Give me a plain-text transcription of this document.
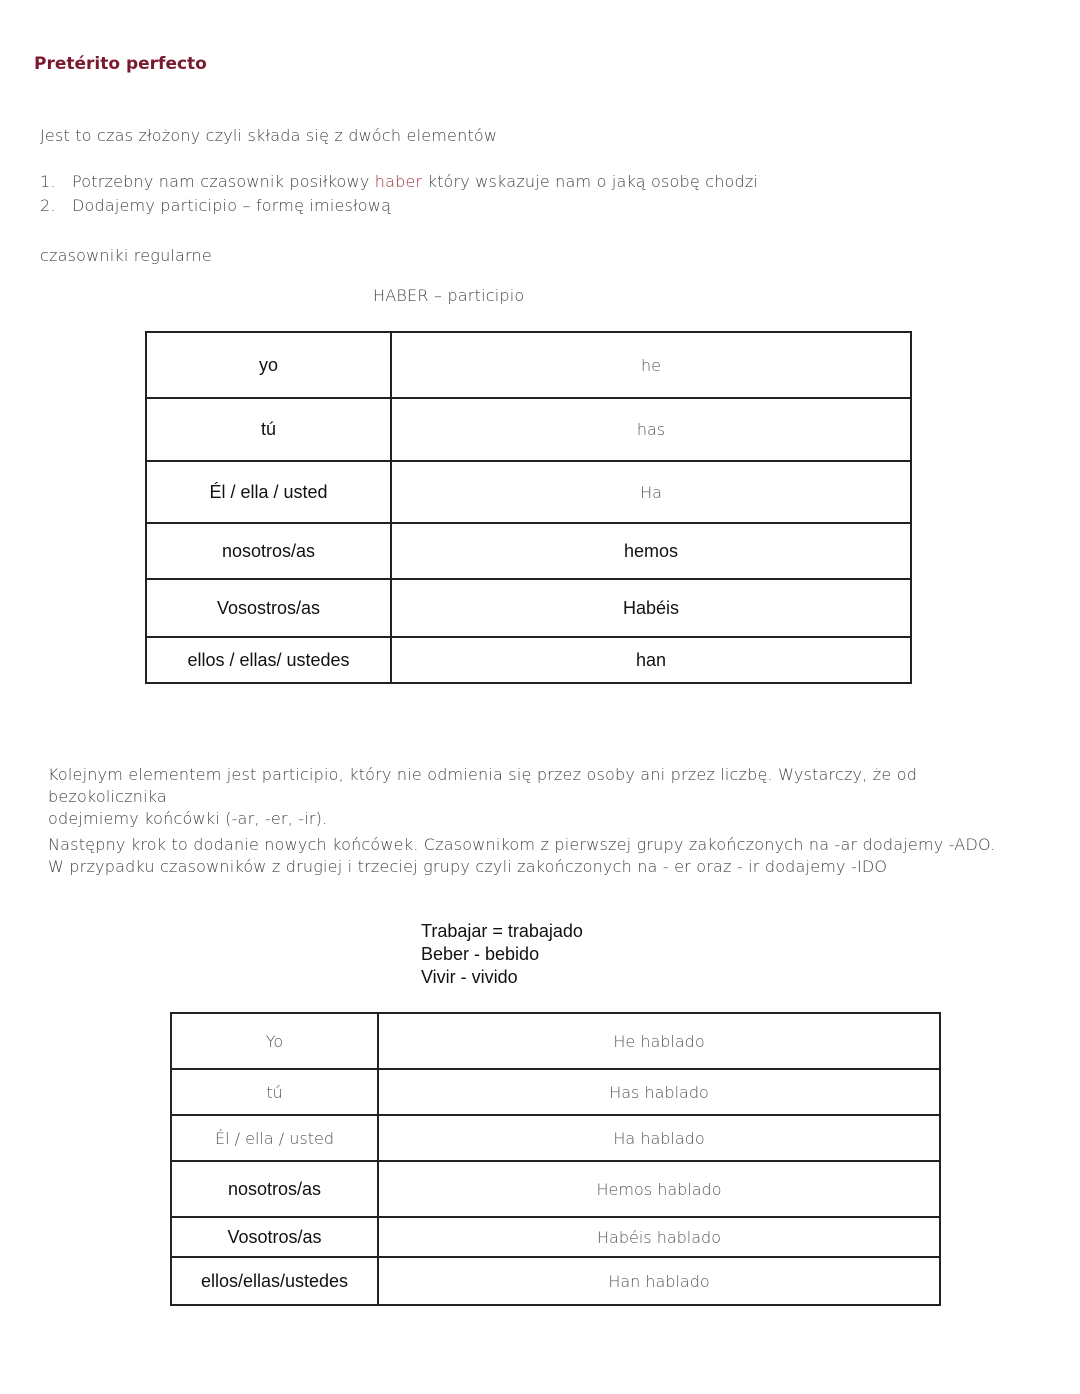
Pretérito perfecto
Jest to czas złożony czyli składa się z dwóch elementów
1. Potrzebny nam czasownik posiłkowy haber który wskazuje nam o jaką osobę chodzi
2. Dodajemy participio – formę imiesłową
czasowniki regularne
HABER – participio
yo	he
tú	has
Él / ella / usted	Ha
nosotros/as	hemos
Vosostros/as	Habéis
ellos / ellas/ ustedes	han
Kolejnym elementem jest participio, który nie odmienia się przez osoby ani przez liczbę. Wystarczy, że od bezokolicznika
odejmiemy końcówki (-ar, -er, -ir).
Następny krok to dodanie nowych końcówek. Czasownikom z pierwszej grupy zakończonych na -ar dodajemy -ADO.
W przypadku czasowników z drugiej i trzeciej grupy czyli zakończonych na - er oraz - ir dodajemy -IDO
Trabajar = trabajado
Beber - bebido
Vivir - vivido
Yo	He hablado
tú	Has hablado
Él / ella / usted	Ha hablado
nosotros/as	Hemos hablado
Vosotros/as	Habéis hablado
ellos/ellas/ustedes	Han hablado
